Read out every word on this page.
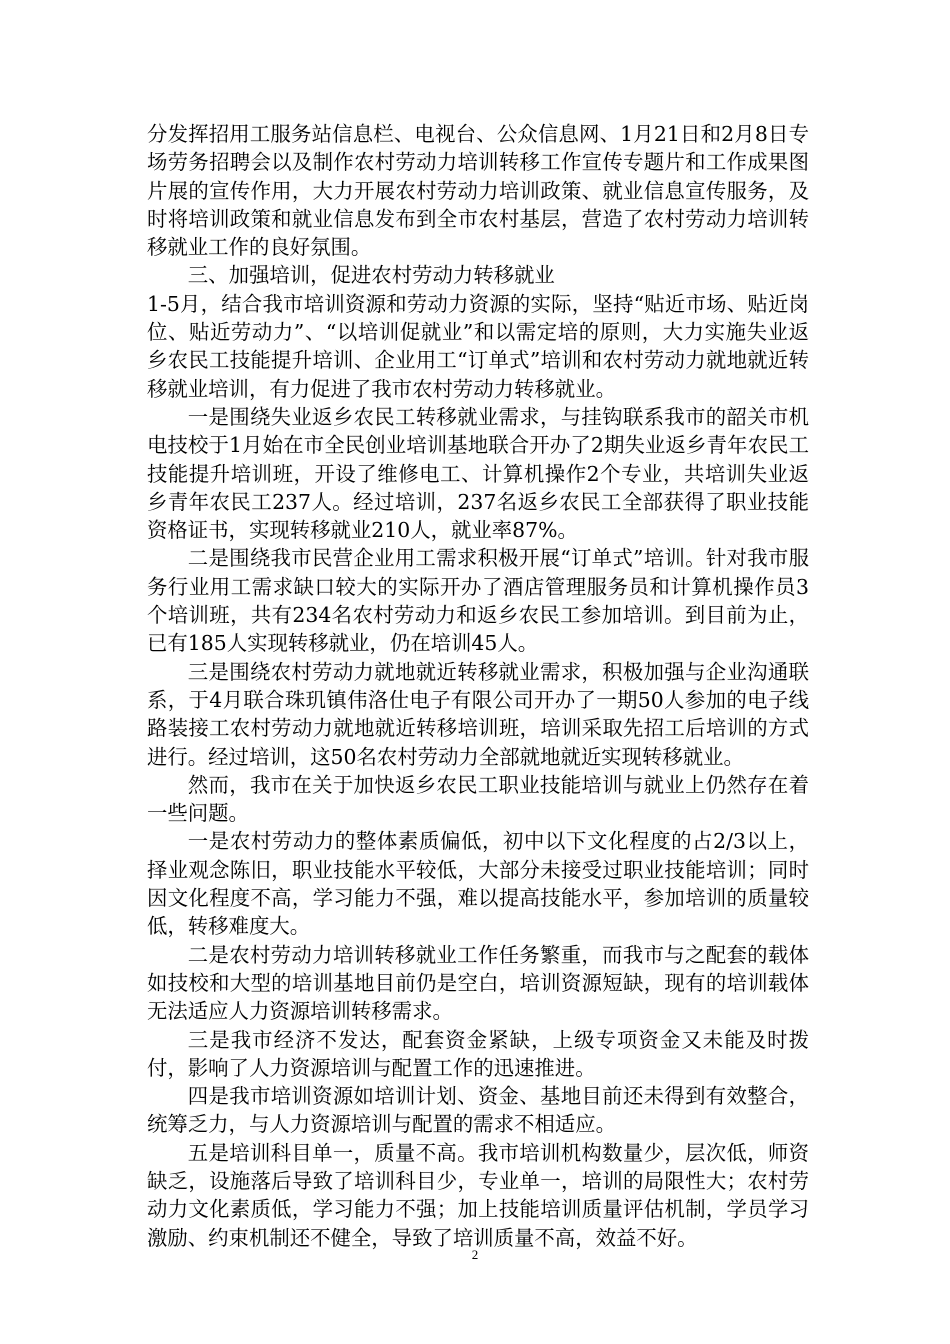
分发挥招用工服务站信息栏、电视台、公众信息网、1月21日和2月8日专场劳务招聘会以及制作农村劳动力培训转移工作宣传专题片和工作成果图片展的宣传作用，大力开展农村劳动力培训政策、就业信息宣传服务，及时将培训政策和就业信息发布到全市农村基层，营造了农村劳动力培训转移就业工作的良好氛围。

三、加强培训，促进农村劳动力转移就业

1-5月，结合我市培训资源和劳动力资源的实际，坚持“贴近市场、贴近岗位、贴近劳动力”、“以培训促就业”和以需定培的原则，大力实施失业返乡农民工技能提升培训、企业用工“订单式”培训和农村劳动力就地就近转移就业培训，有力促进了我市农村劳动力转移就业。

一是围绕失业返乡农民工转移就业需求，与挂钩联系我市的韶关市机电技校于1月始在市全民创业培训基地联合开办了2期失业返乡青年农民工技能提升培训班，开设了维修电工、计算机操作2个专业，共培训失业返乡青年农民工237人。经过培训，237名返乡农民工全部获得了职业技能资格证书，实现转移就业210人，就业率87%。

二是围绕我市民营企业用工需求积极开展“订单式”培训。针对我市服务行业用工需求缺口较大的实际开办了酒店管理服务员和计算机操作员3个培训班，共有234名农村劳动力和返乡农民工参加培训。到目前为止，已有185人实现转移就业，仍在培训45人。

三是围绕农村劳动力就地就近转移就业需求，积极加强与企业沟通联系，于4月联合珠玑镇伟洛仕电子有限公司开办了一期50人参加的电子线路装接工农村劳动力就地就近转移培训班，培训采取先招工后培训的方式进行。经过培训，这50名农村劳动力全部就地就近实现转移就业。

然而，我市在关于加快返乡农民工职业技能培训与就业上仍然存在着一些问题。

一是农村劳动力的整体素质偏低，初中以下文化程度的占2/3以上，择业观念陈旧，职业技能水平较低，大部分未接受过职业技能培训；同时因文化程度不高，学习能力不强，难以提高技能水平，参加培训的质量较低，转移难度大。

二是农村劳动力培训转移就业工作任务繁重，而我市与之配套的载体如技校和大型的培训基地目前仍是空白，培训资源短缺，现有的培训载体无法适应人力资源培训转移需求。

三是我市经济不发达，配套资金紧缺，上级专项资金又未能及时拨付，影响了人力资源培训与配置工作的迅速推进。

四是我市培训资源如培训计划、资金、基地目前还未得到有效整合，统筹乏力，与人力资源培训与配置的需求不相适应。

五是培训科目单一，质量不高。我市培训机构数量少，层次低，师资缺乏，设施落后导致了培训科目少，专业单一，培训的局限性大；农村劳动力文化素质低，学习能力不强；加上技能培训质量评估机制，学员学习激励、约束机制还不健全，导致了培训质量不高，效益不好。

2
